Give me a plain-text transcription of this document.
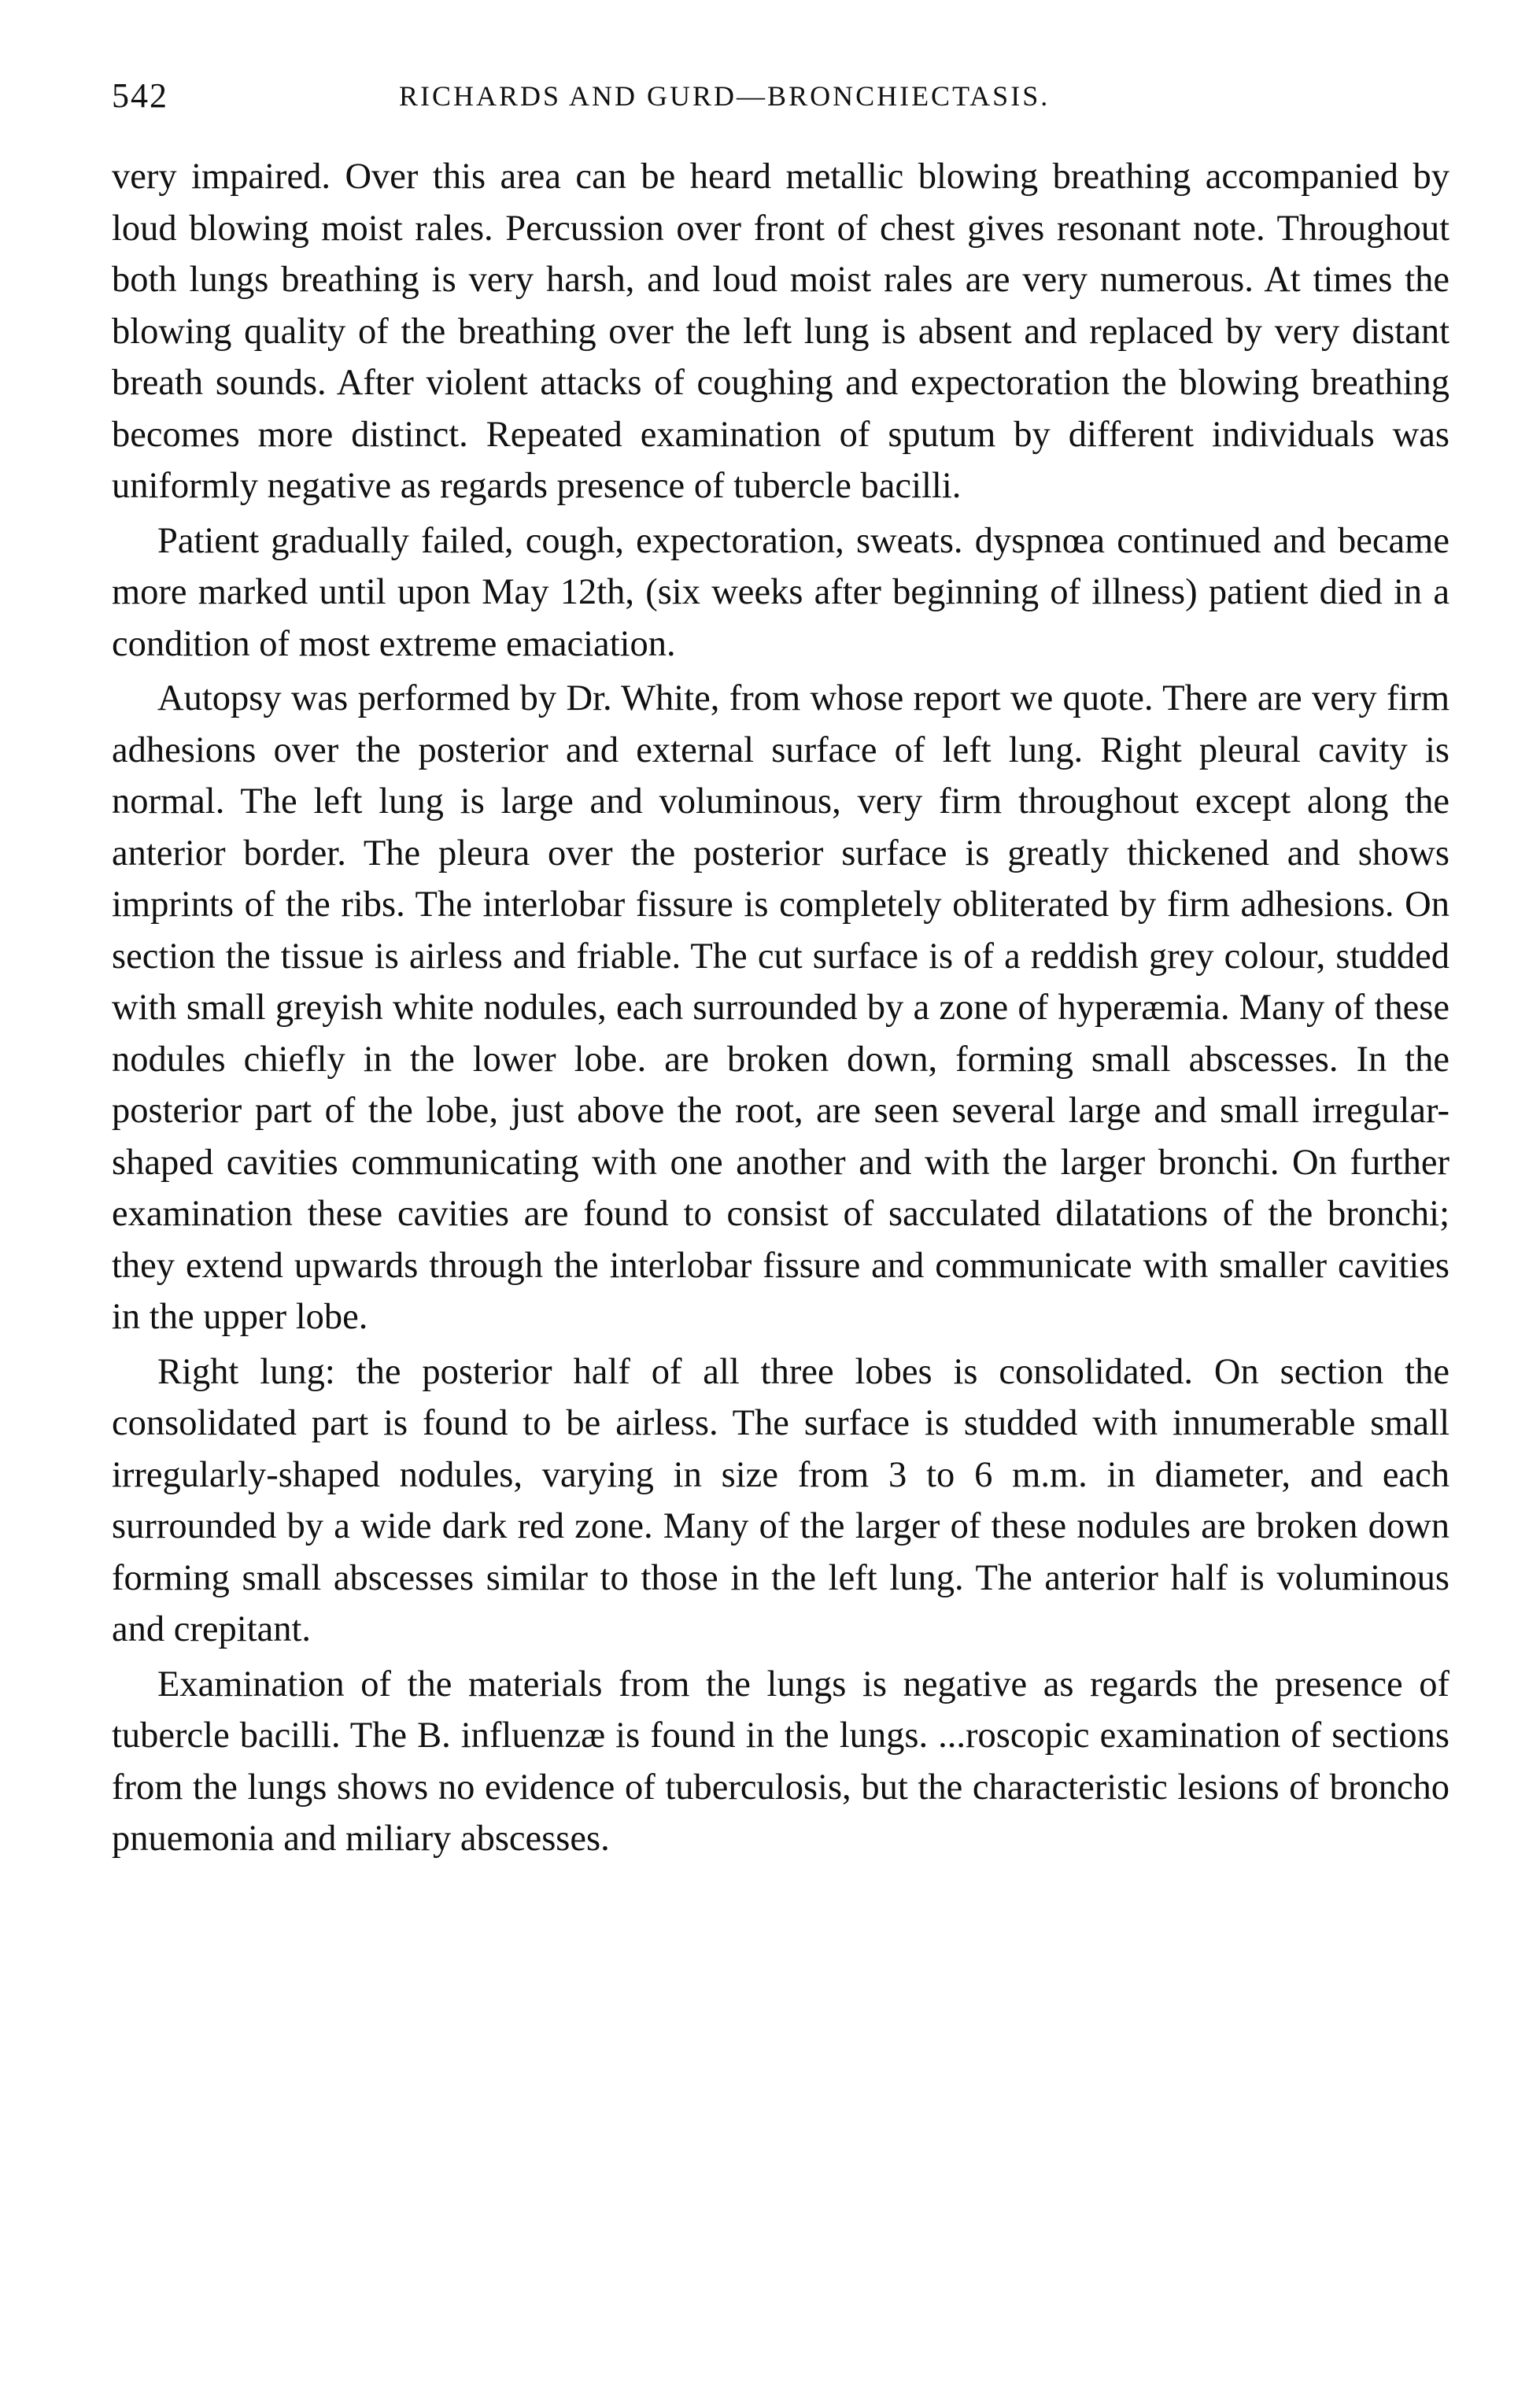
542	RICHARDS AND GURD—BRONCHIECTASIS.

very impaired. Over this area can be heard metallic blowing breathing accompanied by loud blowing moist rales. Percussion over front of chest gives resonant note. Throughout both lungs breathing is very harsh, and loud moist rales are very numerous. At times the blowing quality of the breathing over the left lung is absent and replaced by very distant breath sounds. After violent attacks of coughing and expectoration the blowing breathing becomes more distinct. Repeated examination of sputum by different individuals was uniformly negative as regards presence of tubercle bacilli.

Patient gradually failed, cough, expectoration, sweats. dyspnœa continued and became more marked until upon May 12th, (six weeks after beginning of illness) patient died in a condition of most extreme emaciation.

Autopsy was performed by Dr. White, from whose report we quote. There are very firm adhesions over the posterior and external surface of left lung. Right pleural cavity is normal. The left lung is large and voluminous, very firm throughout except along the anterior border. The pleura over the posterior surface is greatly thickened and shows imprints of the ribs. The interlobar fissure is completely obliterated by firm adhesions. On section the tissue is airless and friable. The cut surface is of a reddish grey colour, studded with small greyish white nodules, each surrounded by a zone of hyperæmia. Many of these nodules chiefly in the lower lobe. are broken down, forming small abscesses. In the posterior part of the lobe, just above the root, are seen several large and small irregular-shaped cavities communicating with one another and with the larger bronchi. On further examination these cavities are found to consist of sacculated dilatations of the bronchi; they extend upwards through the interlobar fissure and communicate with smaller cavities in the upper lobe.

Right lung: the posterior half of all three lobes is consolidated. On section the consolidated part is found to be airless. The surface is studded with innumerable small irregularly-shaped nodules, varying in size from 3 to 6 m.m. in diameter, and each surrounded by a wide dark red zone. Many of the larger of these nodules are broken down forming small abscesses similar to those in the left lung. The anterior half is voluminous and crepitant.

Examination of the materials from the lungs is negative as regards the presence of tubercle bacilli. The B. influenzæ is found in the lungs. ...roscopic examination of sections from the lungs shows no evidence of tuberculosis, but the characteristic lesions of broncho pnuemonia and miliary abscesses.
